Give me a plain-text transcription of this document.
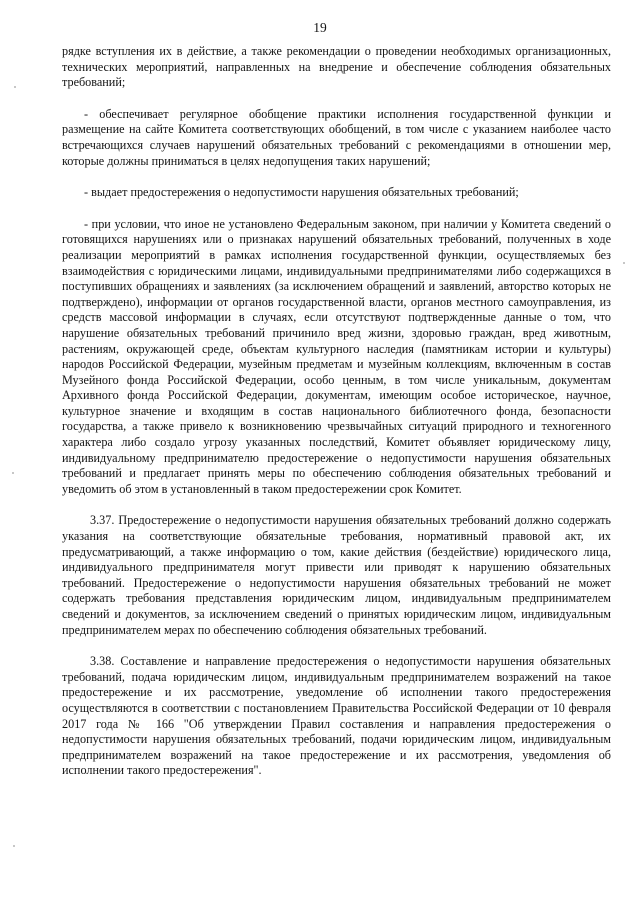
19

рядке вступления их в действие, а также рекомендации о проведении необходимых организационных, технических мероприятий, направленных на внедрение и обеспечение соблюдения обязательных требований;

- обеспечивает регулярное обобщение практики исполнения государственной функции и размещение на сайте Комитета соответствующих обобщений, в том числе с указанием наиболее часто встречающихся случаев нарушений обязательных требований с рекомендациями в отношении мер, которые должны приниматься в целях недопущения таких нарушений;

- выдает предостережения о недопустимости нарушения обязательных требований;

- при условии, что иное не установлено Федеральным законом, при наличии у Комитета сведений о готовящихся нарушениях или о признаках нарушений обязательных требований, полученных в ходе реализации мероприятий в рамках исполнения государственной функции, осуществляемых без взаимодействия с юридическими лицами, индивидуальными предпринимателями либо содержащихся в поступивших обращениях и заявлениях (за исключением обращений и заявлений, авторство которых не подтверждено), информации от органов государственной власти, органов местного самоуправления, из средств массовой информации в случаях, если отсутствуют подтвержденные данные о том, что нарушение обязательных требований причинило вред жизни, здоровью граждан, вред животным, растениям, окружающей среде, объектам культурного наследия (памятникам истории и культуры) народов Российской Федерации, музейным предметам и музейным коллекциям, включенным в состав Музейного фонда Российской Федерации, особо ценным, в том числе уникальным, документам Архивного фонда Российской Федерации, документам, имеющим особое историческое, научное, культурное значение и входящим в состав национального библиотечного фонда, безопасности государства, а также привело к возникновению чрезвычайных ситуаций природного и техногенного характера либо создало угрозу указанных последствий, Комитет объявляет юридическому лицу, индивидуальному предпринимателю предостережение о недопустимости нарушения обязательных требований и предлагает принять меры по обеспечению соблюдения обязательных требований и уведомить об этом в установленный в таком предостережении срок Комитет.

3.37. Предостережение о недопустимости нарушения обязательных требований должно содержать указания на соответствующие обязательные требования, нормативный правовой акт, их предусматривающий, а также информацию о том, какие действия (бездействие) юридического лица, индивидуального предпринимателя могут привести или приводят к нарушению обязательных требований. Предостережение о недопустимости нарушения обязательных требований не может содержать требования представления юридическим лицом, индивидуальным предпринимателем сведений и документов, за исключением сведений о принятых юридическим лицом, индивидуальным предпринимателем мерах по обеспечению соблюдения обязательных требований.

3.38. Составление и направление предостережения о недопустимости нарушения обязательных требований, подача юридическим лицом, индивидуальным предпринимателем возражений на такое предостережение и их рассмотрение, уведомление об исполнении такого предостережения осуществляются в соответствии с постановлением Правительства Российской Федерации от 10 февраля 2017 года № 166 "Об утверждении Правил составления и направления предостережения о недопустимости нарушения обязательных требований, подачи юридическим лицом, индивидуальным предпринимателем возражений на такое предостережение и их рассмотрения, уведомления об исполнении такого предостережения".
